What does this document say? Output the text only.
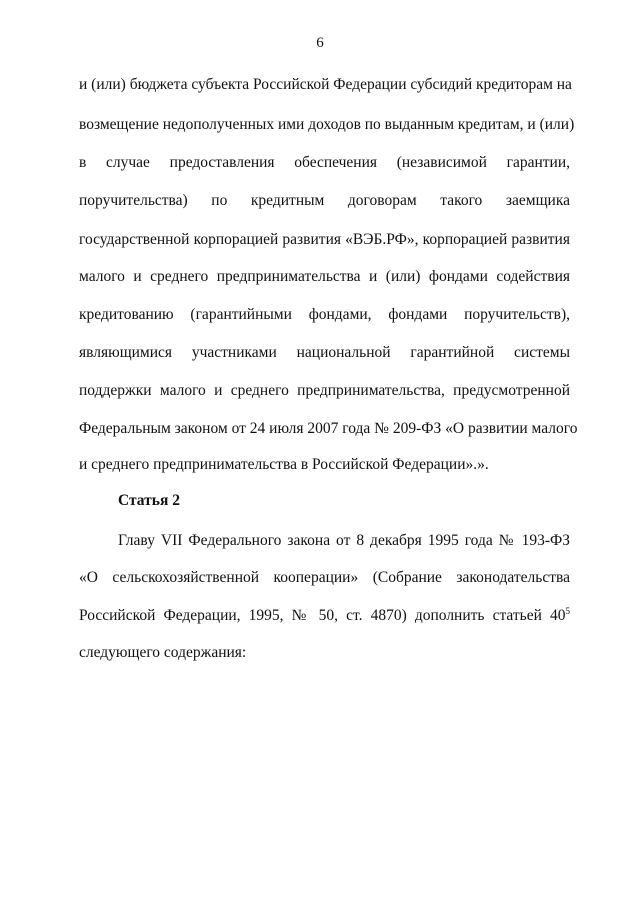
6
и (или) бюджета субъекта Российской Федерации субсидий кредиторам на
возмещение недополученных ими доходов по выданным кредитам, и (или)
в случае предоставления обеспечения (независимой гарантии,
поручительства) по кредитным договорам такого заемщика
государственной корпорацией развития «ВЭБ.РФ», корпорацией развития
малого и среднего предпринимательства и (или) фондами содействия
кредитованию (гарантийными фондами, фондами поручительств),
являющимися участниками национальной гарантийной системы
поддержки малого и среднего предпринимательства, предусмотренной
Федеральным законом от 24 июля 2007 года № 209-ФЗ «О развитии малого
и среднего предпринимательства в Российской Федерации».».
Статья 2
Главу VII Федерального закона от 8 декабря 1995 года № 193-ФЗ
«О сельскохозяйственной кооперации» (Собрание законодательства
Российской Федерации, 1995, № 50, ст. 4870) дополнить статьей $40^5$
следующего содержания:
